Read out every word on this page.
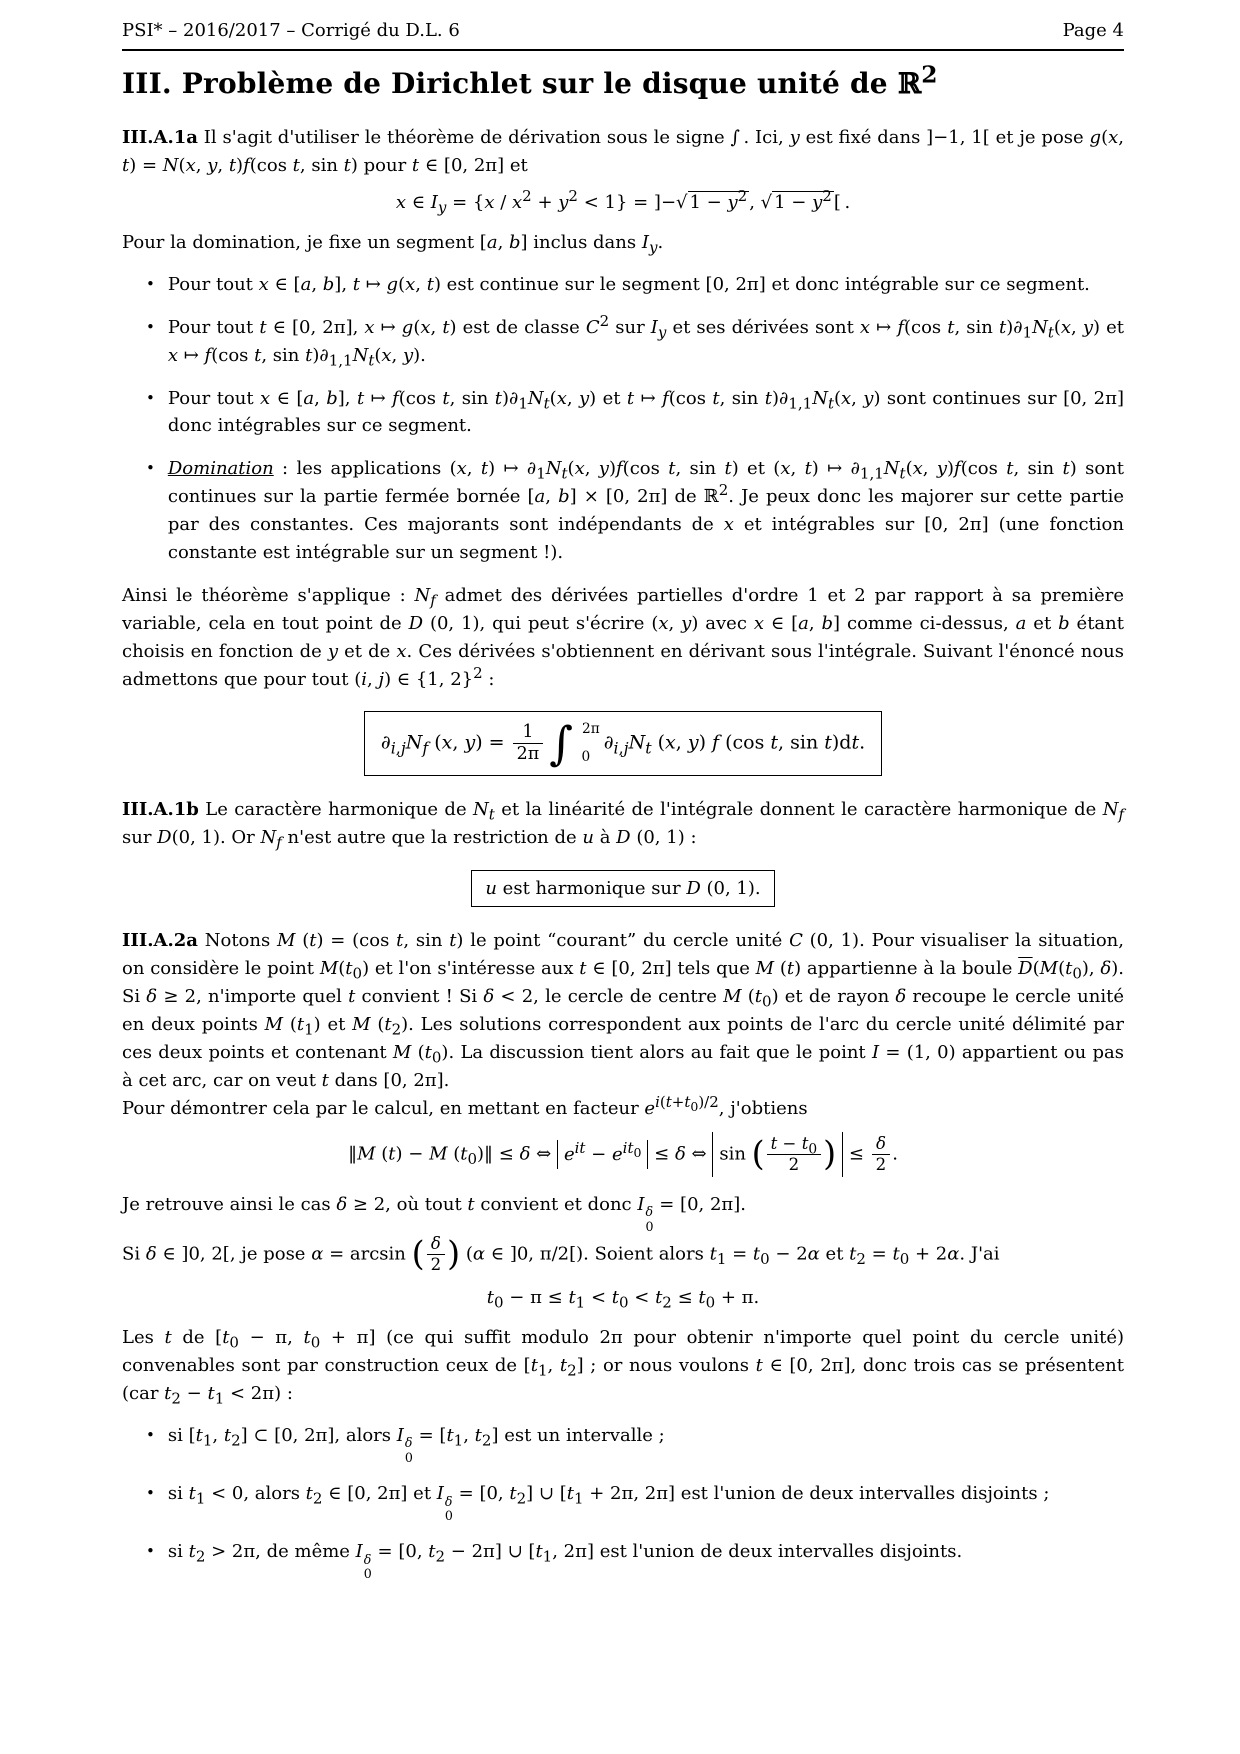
PSI* – 2016/2017 – Corrigé du D.L. 6	Page 4
III. Problème de Dirichlet sur le disque unité de ℝ$^2$

III.A.1a Il s'agit d'utiliser le théorème de dérivation sous le signe ∫ . Ici, y est fixé dans ]−1, 1[ et je pose g(x, t) = N(x, y, t)f(cos t, sin t) pour t ∈ [0, 2π] et

x ∈ $I_y = \{x / x^2 + y^2 < 1\}$ = ]−√ $1 - y^2$ , √ $1 - y^2$ [ .

Pour la domination, je fixe un segment [a, b] inclus dans $I_y$.

• Pour tout x ∈ [a, b], t ↦ g(x, t) est continue sur le segment [0, 2π] et donc intégrable sur ce segment.
• Pour tout t ∈ [0, 2π], x ↦ g(x, t) est de classe $C^2$ sur $I_y$ et ses dérivées sont x ↦ f(cos t, $\sin t)\partial_1N_t(x$, y) et x ↦ f(cos t, $\sin t)\partial_{1,1}N_t(x$, y).
• Pour tout x ∈ [a, b], t ↦ f(cos t, $\sin t)\partial_1N_t(x$, y) et t ↦ f(cos t, $\sin t)\partial_{1,1}N_t(x$, y) sont continues sur [0, 2π] donc intégrables sur ce segment.
• Domination : les applications (x, t) ↦ $\partial_1N_t(x$, y)f(cos t, sin t) et (x, t) ↦ $\partial_{1,1}N_t(x$, y)f(cos t, sin t) sont continues sur la partie fermée bornée [a, b] × [0, 2π] de ℝ$^2$. Je peux donc les majorer sur cette partie par des constantes. Ces majorants sont indépendants de x et intégrables sur [0, 2π] (une fonction constante est intégrable sur un segment !).

Ainsi le théorème s'applique : $N_f$ admet des dérivées partielles d'ordre 1 et 2 par rapport à sa première variable, cela en tout point de D (0, 1), qui peut s'écrire (x, y) avec x ∈ [a, b] comme ci-dessus, a et b étant choisis en fonction de y et de x. Ces dérivées s'obtiennent en dérivant sous l'intégrale. Suivant l'énoncé nous admettons que pour tout (i, j) ∈ {1, 2}$^2$ :

$\partial_{i,j}N_f$ (x, $y) = \frac{1}{2\pi}$ ∫ 2π
0
$\partial_{i,j}N_t$ (x, y) f (cos t, sin t)dt.

III.A.1b Le caractère harmonique de $N_t$ et la linéarité de l'intégrale donnent le caractère harmonique de $N_f$ sur D(0, 1). Or $N_f$ n'est autre que la restriction de u à D (0, 1) :

u est harmonique sur D (0, 1).

III.A.2a Notons M (t) = (cos t, sin t) le point “courant” du cercle unité C (0, 1). Pour visualiser la situation, on considère le point $M(t_0)$ et l'on s'intéresse aux t ∈ [0, 2π] tels que M (t) appartienne à la boule $\overline{D}(M(t_0)$, δ). Si δ ≥ 2, n'importe quel t convient ! Si δ < 2, le cercle de centre M $(t_0)$ et de rayon δ recoupe le cercle unité en deux points M $(t_1)$ et M $(t_2)$. Les solutions correspondent aux points de l'arc du cercle unité délimité par ces deux points et contenant M $(t_0)$. La discussion tient alors au fait que le point I = (1, 0) appartient ou pas à cet arc, car on veut t dans [0, 2π].
Pour démontrer cela par le calcul, en mettant en facteur $e^{i(t+t_0)/2}$, j'obtiens

‖M (t) − M $(t_0)‖ \le \delta$ ⇔ $e^{it} - e^{it_0} \le \delta$ ⇔ sin ( $\frac{t - t_0}{2}$ ) ≤ $\frac{\delta}{2}$ .

Je retrouve ainsi le cas δ ≥ 2, où tout t convient et donc I δ
0
= [0, 2π].
Si δ ∈ ]0, 2[, je pose α = arcsin ( $\frac{\delta}{2}$ ) (α ∈ ]0, π/2[). Soient alors $t_1 = t_0 - 2\alpha$ et $t_2 = t_0 + 2\alpha$. J'ai

$t_0 - \pi \le t_1 < t_0 < t_2 \le t_0 + \pi$.

Les t de [$t_0 - \pi$, $t_0 + \pi$] (ce qui suffit modulo 2π pour obtenir n'importe quel point du cercle unité) convenables sont par construction ceux de [$t_1$, $t_2$] ; or nous voulons t ∈ [0, 2π], donc trois cas se présentent (car $t_2 - t_1 < 2\pi$) :

• si [$t_1$, $t_2$] ⊂ [0, 2π], alors I δ
0
= [$t_1$, $t_2$] est un intervalle ;
• si $t_1 < 0$, alors $t_2$ ∈ [0, 2π] et I δ
0
= [0, $t_2$] ∪ [$t_1 + 2\pi$, 2π] est l'union de deux intervalles disjoints ;
• si $t_2 > 2\pi$, de même I δ
0
= [0, $t_2 - 2\pi$] ∪ [$t_1$, 2π] est l'union de deux intervalles disjoints.
